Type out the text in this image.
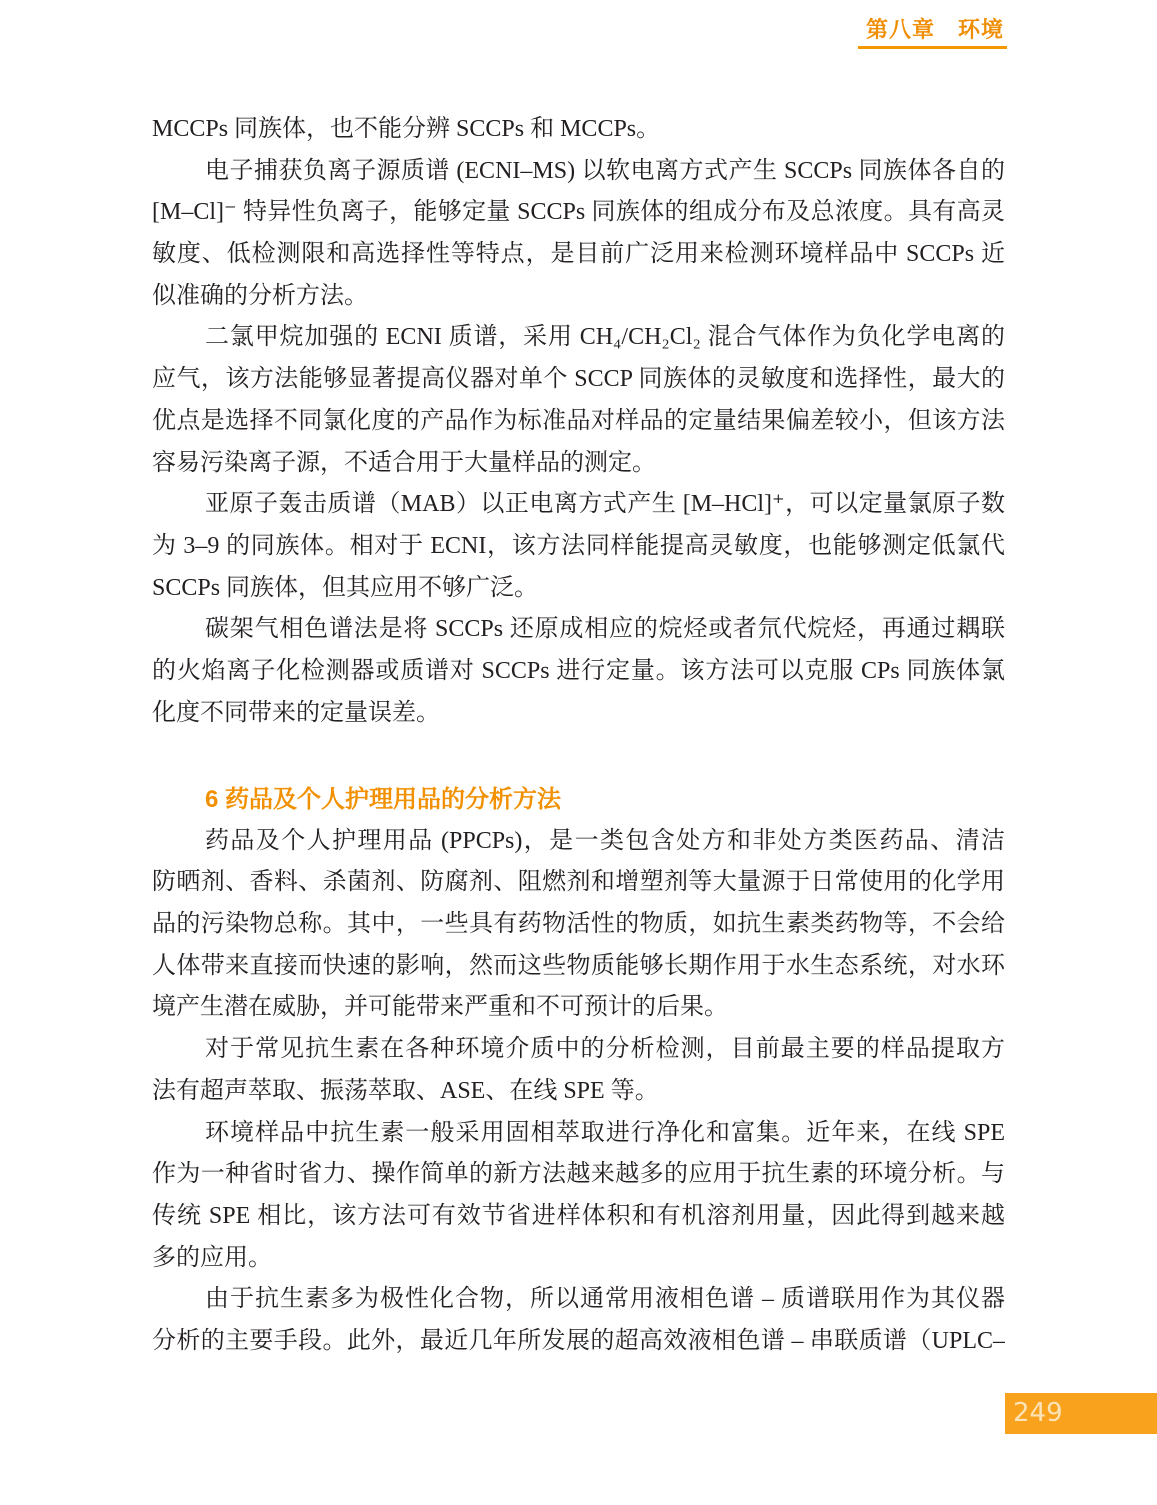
第八章　环境
MCCPs 同族体，也不能分辨 SCCPs 和 MCCPs。
电子捕获负离子源质谱 (ECNI–MS) 以软电离方式产生 SCCPs 同族体各自的
[M–Cl]⁻ 特异性负离子，能够定量 SCCPs 同族体的组成分布及总浓度。具有高灵
敏度、低检测限和高选择性等特点，是目前广泛用来检测环境样品中 SCCPs 近
似准确的分析方法。
二氯甲烷加强的 ECNI 质谱，采用 CH₄/CH₂Cl₂ 混合气体作为负化学电离的
应气，该方法能够显著提高仪器对单个 SCCP 同族体的灵敏度和选择性，最大的
优点是选择不同氯化度的产品作为标准品对样品的定量结果偏差较小，但该方法
容易污染离子源，不适合用于大量样品的测定。
亚原子轰击质谱（MAB）以正电离方式产生 [M–HCl]⁺，可以定量氯原子数
为 3–9 的同族体。相对于 ECNI，该方法同样能提高灵敏度，也能够测定低氯代
SCCPs 同族体，但其应用不够广泛。
碳架气相色谱法是将 SCCPs 还原成相应的烷烃或者氘代烷烃，再通过耦联
的火焰离子化检测器或质谱对 SCCPs 进行定量。该方法可以克服 CPs 同族体氯
化度不同带来的定量误差。
6 药品及个人护理用品的分析方法
药品及个人护理用品 (PPCPs)，是一类包含处方和非处方类医药品、清洁
防晒剂、香料、杀菌剂、防腐剂、阻燃剂和增塑剂等大量源于日常使用的化学用
品的污染物总称。其中，一些具有药物活性的物质，如抗生素类药物等，不会给
人体带来直接而快速的影响，然而这些物质能够长期作用于水生态系统，对水环
境产生潜在威胁，并可能带来严重和不可预计的后果。
对于常见抗生素在各种环境介质中的分析检测，目前最主要的样品提取方
法有超声萃取、振荡萃取、ASE、在线 SPE 等。
环境样品中抗生素一般采用固相萃取进行净化和富集。近年来，在线 SPE
作为一种省时省力、操作简单的新方法越来越多的应用于抗生素的环境分析。与
传统 SPE 相比，该方法可有效节省进样体积和有机溶剂用量，因此得到越来越
多的应用。
由于抗生素多为极性化合物，所以通常用液相色谱 – 质谱联用作为其仪器
分析的主要手段。此外，最近几年所发展的超高效液相色谱 – 串联质谱（UPLC–
249
